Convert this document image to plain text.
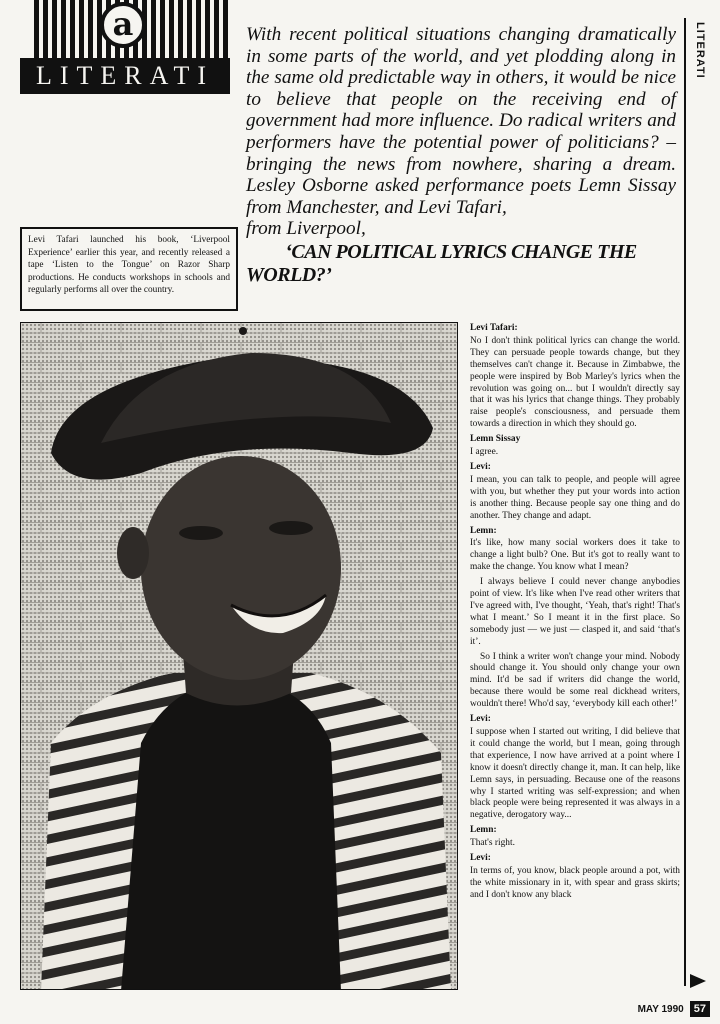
a
LITERATI	LITERATI

With recent political situations changing dramatically in some parts of the world, and yet plodding along in the same old predictable way in others, it would be nice to believe that people on the receiving end of government had more influence. Do radical writers and performers have the potential power of politicians? – bringing the news from nowhere, sharing a dream. Lesley Osborne asked performance poets Lemn Sissay from Manchester, and Levi Tafari,

from Liverpool,

‘CAN POLITICAL LYRICS CHANGE THE WORLD?’
Levi Tafari launched his book, ‘Liverpool Experience’ earlier this year, and recently released a tape ‘Listen to the Tongue’ on Razor Sharp productions. He conducts workshops in schools and regularly performs all over the country.
Levi Tafari:
No I don't think political lyrics can change the world. They can persuade people towards change, but they themselves can't change it. Because in Zimbabwe, the people were inspired by Bob Marley's lyrics when the revolution was going on... but I wouldn't directly say that it was his lyrics that change things. They probably raise people's consciousness, and persuade them towards a direction in which they should go.
Lemn Sissay
I agree.
Levi:
I mean, you can talk to people, and people will agree with you, but whether they put your words into action is another thing. Because people say one thing and do another. They change and adapt.
Lemn:
It's like, how many social workers does it take to change a light bulb? One. But it's got to really want to make the change. You know what I mean?
I always believe I could never change anybodies point of view. It's like when I've read other writers that I've agreed with, I've thought, ‘Yeah, that's right! That's what I meant.’ So I meant it in the first place. So somebody just — we just — clasped it, and said ‘that's it’.
So I think a writer won't change your mind. Nobody should change it. You should only change your own mind. It'd be sad if writers did change the world, because there would be some real dickhead writers, wouldn't there! Who'd say, ‘everybody kill each other!’
Levi:
I suppose when I started out writing, I did believe that it could change the world, but I mean, going through that experience, I now have arrived at a point where I know it doesn't directly change it, man. It can help, like Lemn says, in persuading. Because one of the reasons why I started writing was self-expression; and when black people were being represented it was always in a negative, derogatory way...
Lemn:
That's right.
Levi:
In terms of, you know, black people around a pot, with the white missionary in it, with spear and grass skirts; and I don't know any black
MAY 1990 57
